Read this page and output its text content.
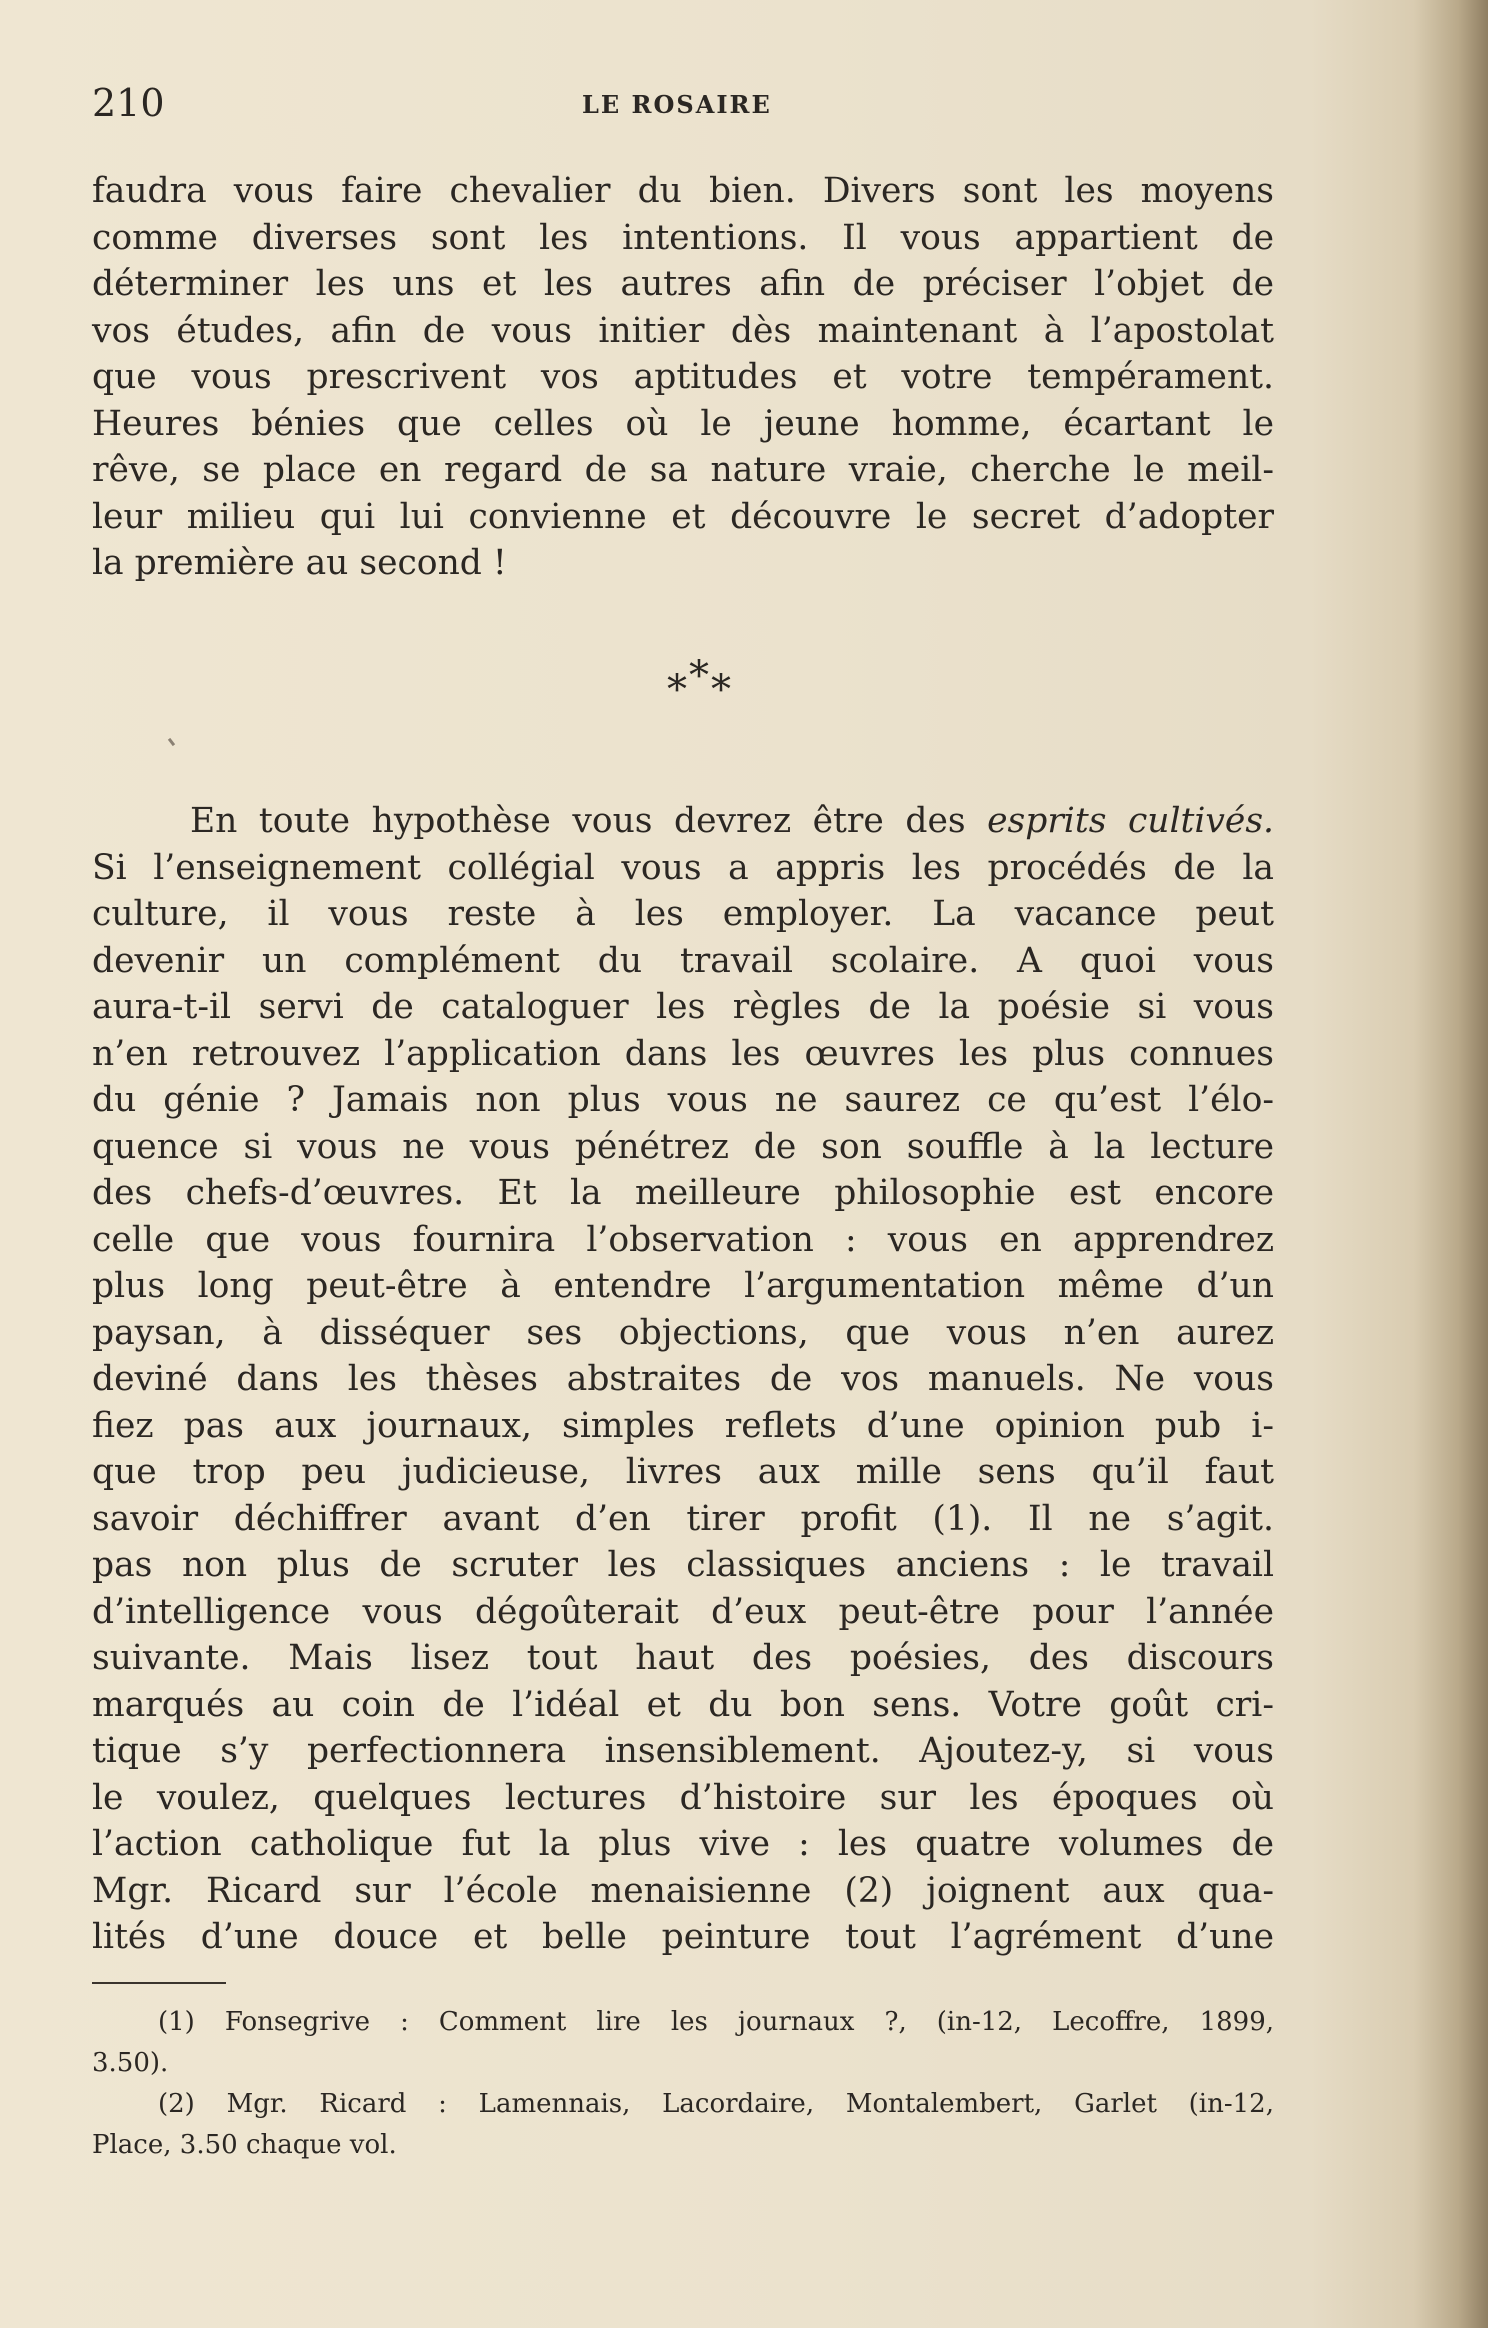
210	LE ROSAIRE
faudra vous faire chevalier du bien. Divers sont les moyens
comme diverses sont les intentions. Il vous appartient de
déterminer les uns et les autres afin de préciser l’objet de
vos études, afin de vous initier dès maintenant à l’apostolat
que vous prescrivent vos aptitudes et votre tempérament.
Heures bénies que celles où le jeune homme, écartant le
rêve, se place en regard de sa nature vraie, cherche le meil-
leur milieu qui lui convienne et découvre le secret d’adopter
la première au second !
***
En toute hypothèse vous devrez être des esprits cultivés.
Si l’enseignement collégial vous a appris les procédés de la
culture, il vous reste à les employer. La vacance peut
devenir un complément du travail scolaire. A quoi vous
aura-t-il servi de cataloguer les règles de la poésie si vous
n’en retrouvez l’application dans les œuvres les plus connues
du génie ? Jamais non plus vous ne saurez ce qu’est l’élo-
quence si vous ne vous pénétrez de son souffle à la lecture
des chefs-d’œuvres. Et la meilleure philosophie est encore
celle que vous fournira l’observation : vous en apprendrez
plus long peut-être à entendre l’argumentation même d’un
paysan, à disséquer ses objections, que vous n’en aurez
deviné dans les thèses abstraites de vos manuels. Ne vous
fiez pas aux journaux, simples reflets d’une opinion pub i-
que trop peu judicieuse, livres aux mille sens qu’il faut
savoir déchiffrer avant d’en tirer profit (1). Il ne s’agit.
pas non plus de scruter les classiques anciens : le travail
d’intelligence vous dégoûterait d’eux peut-être pour l’année
suivante. Mais lisez tout haut des poésies, des discours
marqués au coin de l’idéal et du bon sens. Votre goût cri-
tique s’y perfectionnera insensiblement. Ajoutez-y, si vous
le voulez, quelques lectures d’histoire sur les époques où
l’action catholique fut la plus vive : les quatre volumes de
Mgr. Ricard sur l’école menaisienne (2) joignent aux qua-
lités d’une douce et belle peinture tout l’agrément d’une
(1) Fonsegrive : Comment lire les journaux ?, (in-12, Lecoffre, 1899,
3.50).
(2) Mgr. Ricard : Lamennais, Lacordaire, Montalembert, Garlet (in-12,
Place, 3.50 chaque vol.
